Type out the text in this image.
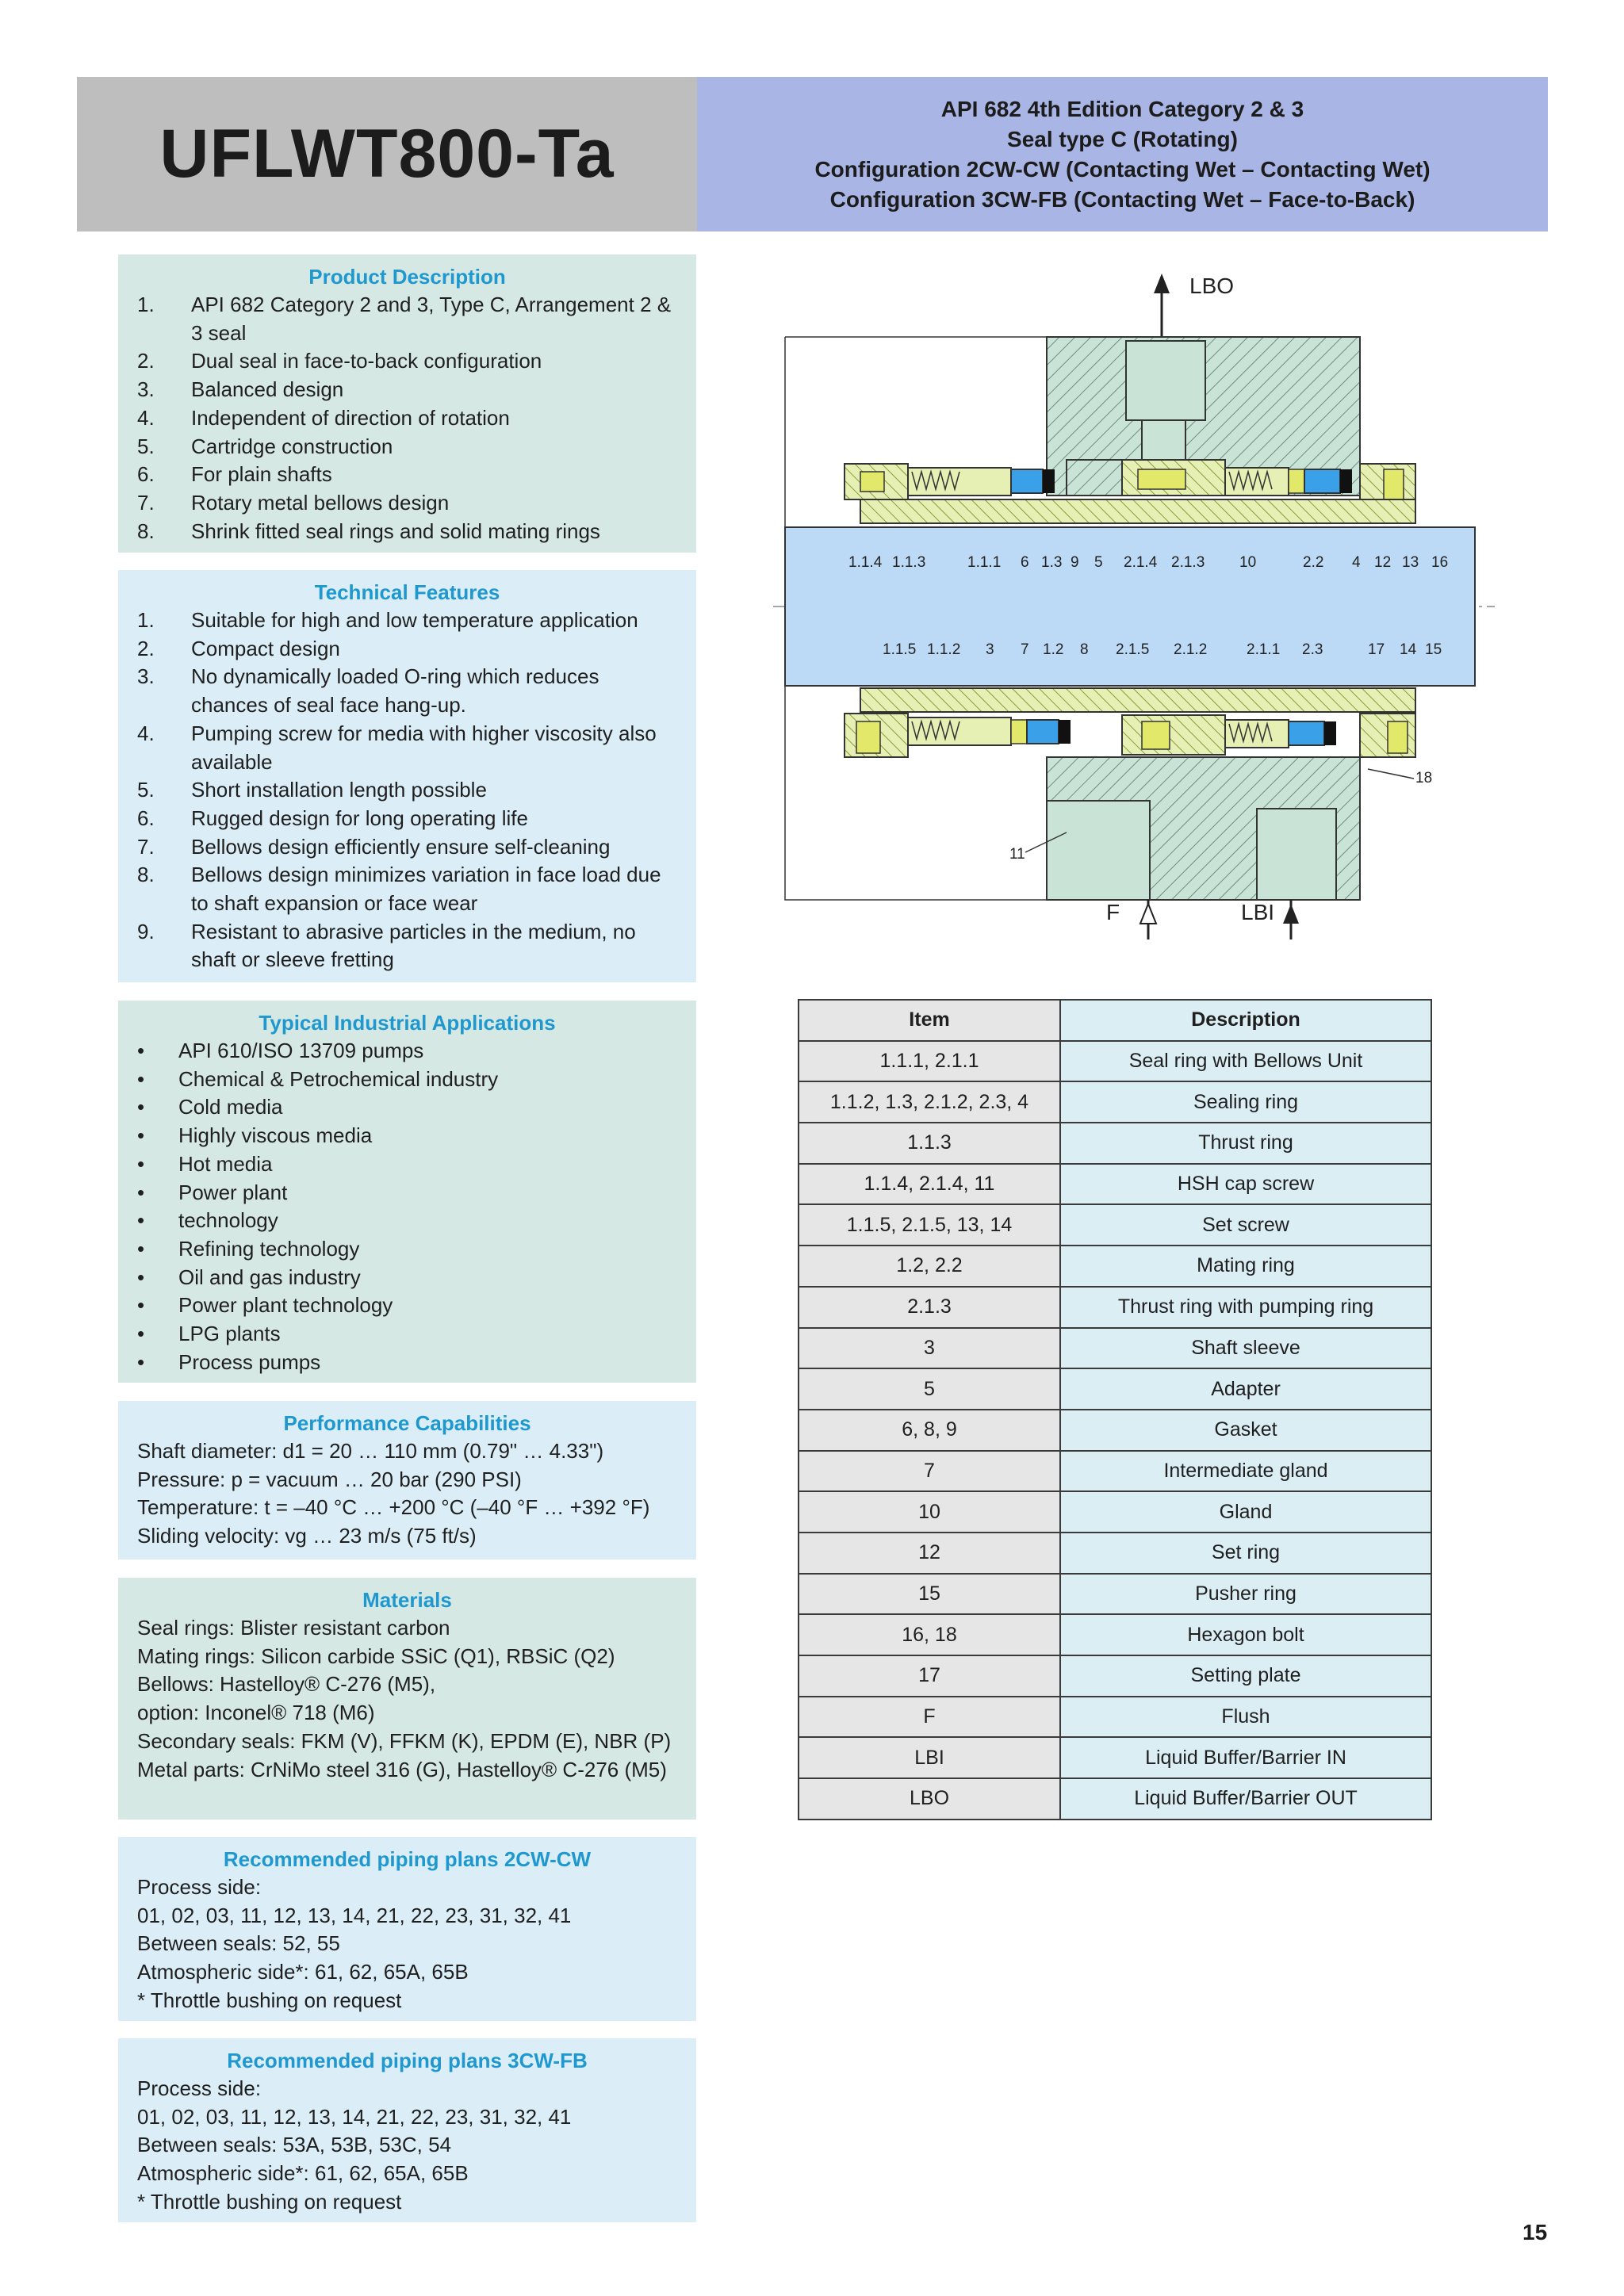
UFLWT800-Ta
API 682 4th Edition Category 2 & 3
Seal type C (Rotating)
Configuration 2CW-CW (Contacting Wet – Contacting Wet)
Configuration 3CW-FB (Contacting Wet – Face-to-Back)
Product Description
1.	API 682 Category 2 and 3, Type C, Arrangement 2 & 3 seal
2.	Dual seal in face-to-back configuration
3.	Balanced design
4.	Independent of direction of rotation
5.	Cartridge construction
6.	For plain shafts
7.	Rotary metal bellows design
8.	Shrink fitted seal rings and solid mating rings
Technical Features
1.	Suitable for high and low temperature application
2.	Compact design
3.	No dynamically loaded O-ring which reduces chances of seal face hang-up.
4.	Pumping screw for media with higher viscosity also available
5.	Short installation length possible
6.	Rugged design for long operating life
7.	Bellows design efficiently ensure self-cleaning
8.	Bellows design minimizes variation in face load due to shaft expansion or face wear
9.	Resistant to abrasive particles in the medium, no shaft or sleeve fretting
Typical Industrial Applications
•	API 610/ISO 13709 pumps
•	Chemical & Petrochemical industry
•	Cold media
•	Highly viscous media
•	Hot media
•	Power plant
•	technology
•	Refining technology
•	Oil and gas industry
•	Power plant technology
•	LPG plants
•	Process pumps
Performance Capabilities
Shaft diameter: d1 = 20 … 110 mm (0.79" … 4.33")
Pressure: p = vacuum … 20 bar (290 PSI)
Temperature: t = –40 °C … +200 °C (–40 °F … +392 °F)
Sliding velocity: vg … 23 m/s (75 ft/s)
Materials
Seal rings: Blister resistant carbon
Mating rings: Silicon carbide SSiC (Q1), RBSiC (Q2)
Bellows: Hastelloy® C-276 (M5),
option: Inconel® 718 (M6)
Secondary seals: FKM (V), FFKM (K), EPDM (E), NBR (P)
Metal parts: CrNiMo steel 316 (G), Hastelloy® C-276 (M5)
Recommended piping plans 2CW-CW
Process side:
01, 02, 03, 11, 12, 13, 14, 21, 22, 23, 31, 32, 41
Between seals: 52, 55
Atmospheric side*: 61, 62, 65A, 65B
* Throttle bushing on request
Recommended piping plans 3CW-FB
Process side:
01, 02, 03, 11, 12, 13, 14, 21, 22, 23, 31, 32, 41
Between seals: 53A, 53B, 53C, 54
Atmospheric side*: 61, 62, 65A, 65B
* Throttle bushing on request
LBO
F	LBI
1.1.4 1.1.3	1.1.1 6 1.3 9 5 2.1.4 2.1.3 10	2.2 4 12 13 16
1.1.5 1.1.2 3 7 1.2 8 2.1.5 2.1.2	2.1.1 2.3	17 14 15
18
11
Item	Description
1.1.1, 2.1.1	Seal ring with Bellows Unit
1.1.2, 1.3, 2.1.2, 2.3, 4	Sealing ring
1.1.3	Thrust ring
1.1.4, 2.1.4, 11	HSH cap screw
1.1.5, 2.1.5, 13, 14	Set screw
1.2, 2.2	Mating ring
2.1.3	Thrust ring with pumping ring
3	Shaft sleeve
5	Adapter
6, 8, 9	Gasket
7	Intermediate gland
10	Gland
12	Set ring
15	Pusher ring
16, 18	Hexagon bolt
17	Setting plate
F	Flush
LBI	Liquid Buffer/Barrier IN
LBO	Liquid Buffer/Barrier OUT
15
